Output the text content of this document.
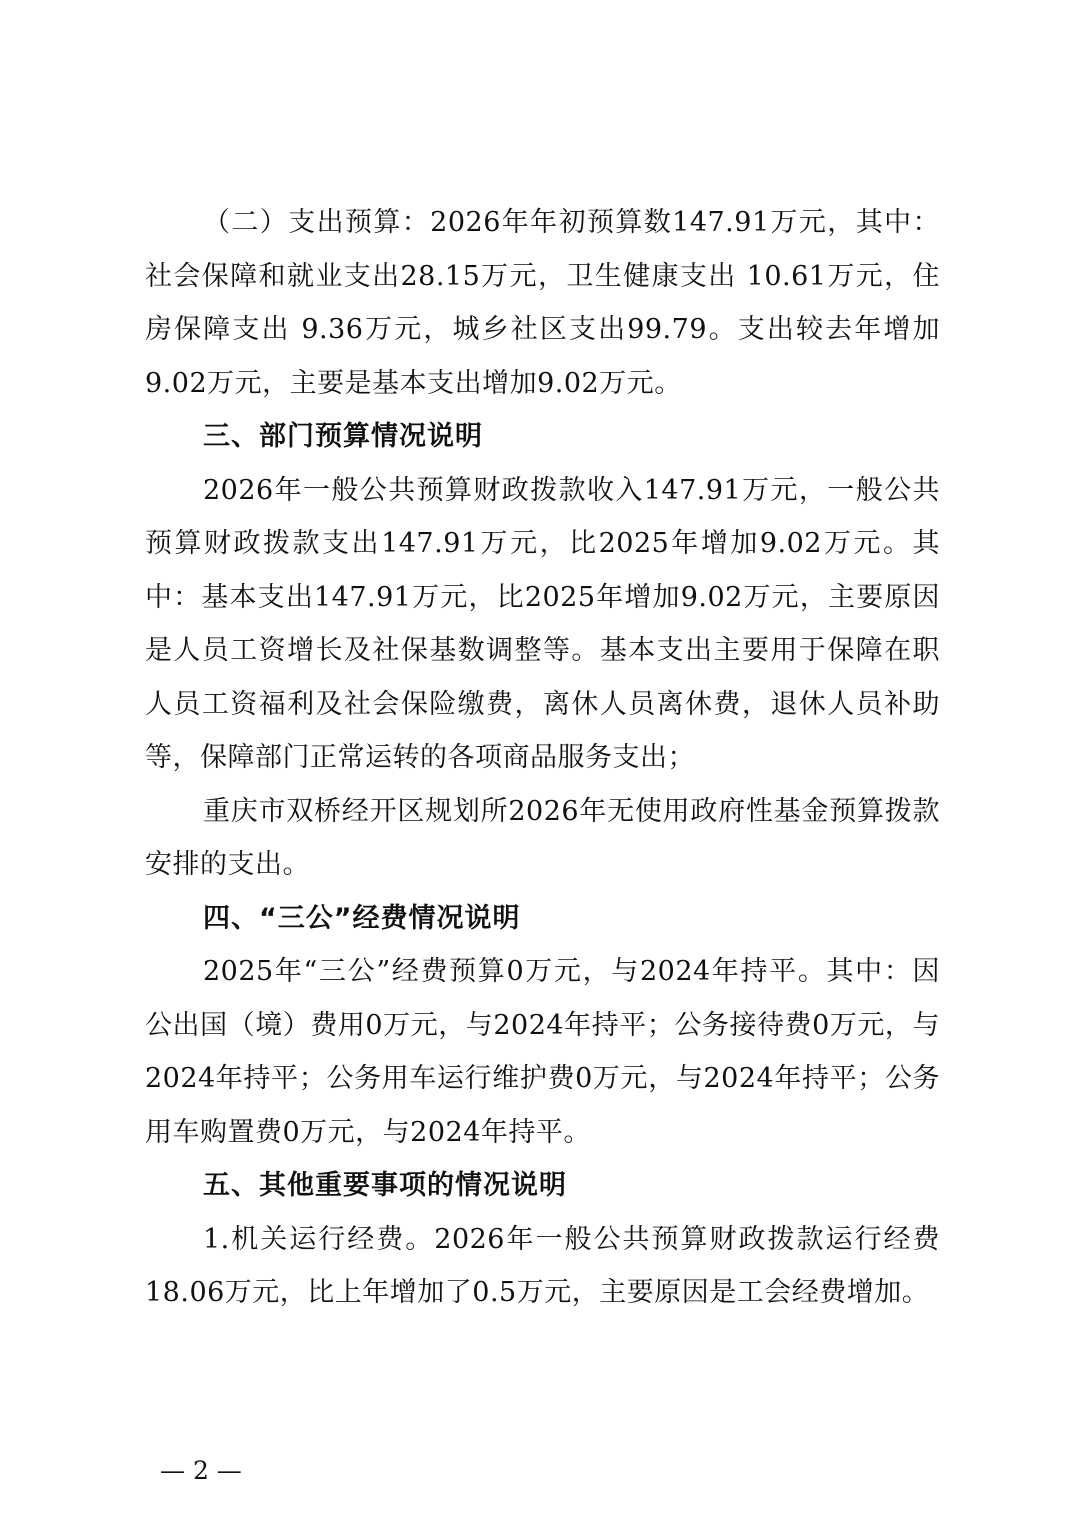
（二）支出预算：2026年年初预算数147.91万元，其中：社会保障和就业支出28.15万元，卫生健康支出 10.61万元，住房保障支出 9.36万元，城乡社区支出99.79。支出较去年增加9.02万元，主要是基本支出增加9.02万元。

三、部门预算情况说明

2026年一般公共预算财政拨款收入147.91万元，一般公共预算财政拨款支出147.91万元，比2025年增加9.02万元。其中：基本支出147.91万元，比2025年增加9.02万元，主要原因是人员工资增长及社保基数调整等。基本支出主要用于保障在职人员工资福利及社会保险缴费，离休人员离休费，退休人员补助等，保障部门正常运转的各项商品服务支出；

重庆市双桥经开区规划所2026年无使用政府性基金预算拨款安排的支出。

四、“三公”经费情况说明

2025年“三公”经费预算0万元，与2024年持平。其中：因公出国（境）费用0万元，与2024年持平；公务接待费0万元，与2024年持平；公务用车运行维护费0万元，与2024年持平；公务用车购置费0万元，与2024年持平。

五、其他重要事项的情况说明

1.机关运行经费。2026年一般公共预算财政拨款运行经费18.06万元，比上年增加了0.5万元，主要原因是工会经费增加。

— 2 —
